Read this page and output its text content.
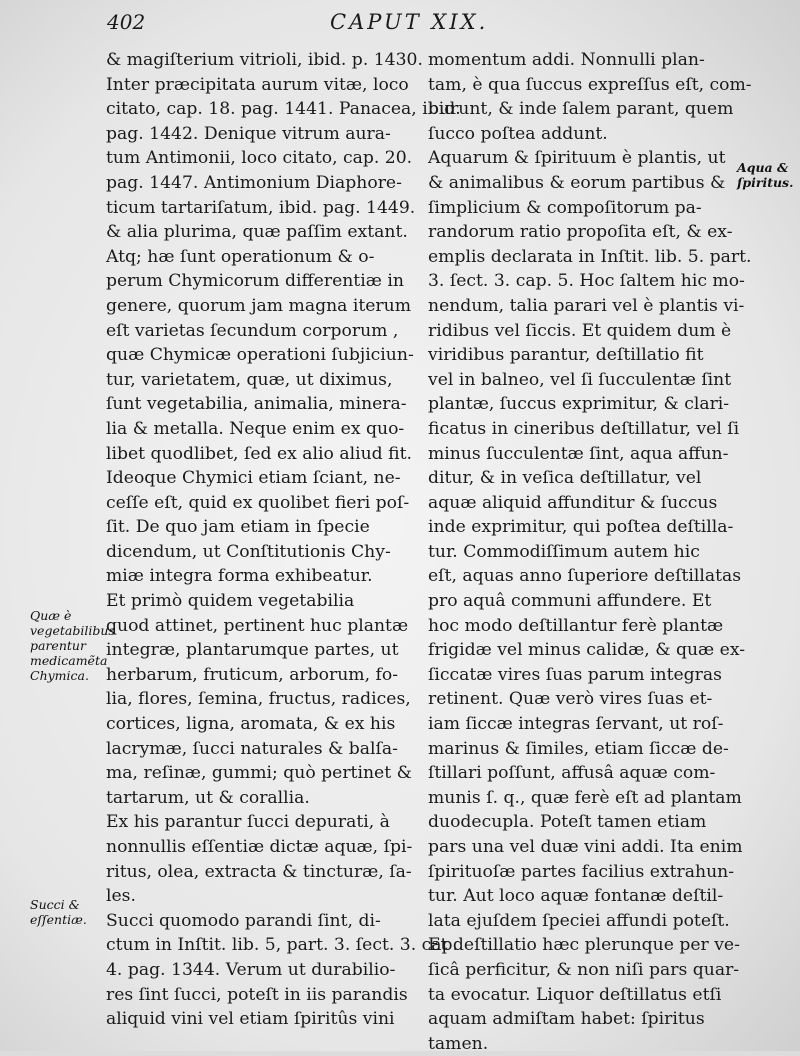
402	CAPUT XIX.
& magiſterium vitrioli, ibid. p. 1430.
Inter præcipitata aurum vitæ, loco
citato, cap. 18. pag. 1441. Panacea, ibid.
pag. 1442. Denique vitrum aura-
tum Antimonii, loco citato, cap. 20.
pag. 1447. Antimonium Diaphore-
ticum tartariſatum, ibid. pag. 1449.
& alia plurima, quæ paſſim extant.
Atq; hæ ſunt operationum & o-
perum Chymicorum differentiæ in
genere, quorum jam magna iterum
eſt varietas ſecundum corporum ,
quæ Chymicæ operationi ſubjiciun-
tur, varietatem, quæ, ut diximus,
ſunt vegetabilia, animalia, minera-
lia & metalla. Neque enim ex quo-
libet quodlibet, ſed ex alio aliud fit.
Ideoque Chymici etiam ſciant, ne-
ceſſe eſt, quid ex quolibet fieri poſ-
ſit. De quo jam etiam in ſpecie
dicendum, ut Conſtitutionis Chy-
miæ integra forma exhibeatur.
Et primò quidem vegetabilia
quod attinet, pertinent huc plantæ
integræ, plantarumque partes, ut
herbarum, fruticum, arborum, fo-
lia, flores, ſemina, fructus, radices,
cortices, ligna, aromata, & ex his
lacrymæ, ſucci naturales & balſa-
ma, reſinæ, gummi; quò pertinet &
tartarum, ut & corallia.
Ex his parantur ſucci depurati, à
nonnullis eſſentiæ dictæ aquæ, ſpi-
ritus, olea, extracta & tincturæ, ſa-
les.
Succi quomodo parandi ſint, di-
ctum in Inſtit. lib. 5, part. 3. ſect. 3. cap.
4. pag. 1344. Verum ut durabilio-
res ſint ſucci, poteſt in iis parandis
aliquid vini vel etiam ſpiritûs vini
momentum addi. Nonnulli plan-
tam, è qua ſuccus expreſſus eſt, com-
burunt, & inde ſalem parant, quem
ſucco poſtea addunt.
Aquarum & ſpirituum è plantis, ut
& animalibus & eorum partibus &
ſimplicium & compoſitorum pa-
randorum ratio propoſita eſt, & ex-
emplis declarata in Inſtit. lib. 5. part.
3. ſect. 3. cap. 5. Hoc ſaltem hic mo-
nendum, talia parari vel è plantis vi-
ridibus vel ſiccis. Et quidem dum è
viridibus parantur, deſtillatio fit
vel in balneo, vel ſi ſucculentæ ſint
plantæ, ſuccus exprimitur, & clari-
ficatus in cineribus deſtillatur, vel ſi
minus ſucculentæ ſint, aqua affun-
ditur, & in veſica deſtillatur, vel
aquæ aliquid affunditur & ſuccus
inde exprimitur, qui poſtea deſtilla-
tur. Commodiſſimum autem hic
eſt, aquas anno ſuperiore deſtillatas
pro aquâ communi affundere. Et
hoc modo deſtillantur ferè plantæ
frigidæ vel minus calidæ, & quæ ex-
ſiccatæ vires ſuas parum integras
retinent. Quæ verò vires ſuas et-
iam ſiccæ integras ſervant, ut roſ-
marinus & ſimiles, etiam ſiccæ de-
ſtillari poſſunt, affusâ aquæ com-
munis ſ. q., quæ ferè eſt ad plantam
duodecupla. Poteſt tamen etiam
pars una vel duæ vini addi. Ita enim
ſpirituoſæ partes facilius extrahun-
tur. Aut loco aquæ fontanæ deſtil-
lata ejuſdem ſpeciei affundi poteſt.
Et deſtillatio hæc plerunque per ve-
ſicâ perficitur, & non niſi pars quar-
ta evocatur. Liquor deſtillatus etſi
aquam admiſtam habet: ſpiritus
tamen.
Quæ è vegetabilibus parentur medicamẽta Chymica.
Succi & eſſentiæ.
Aqua & ſpiritus.
